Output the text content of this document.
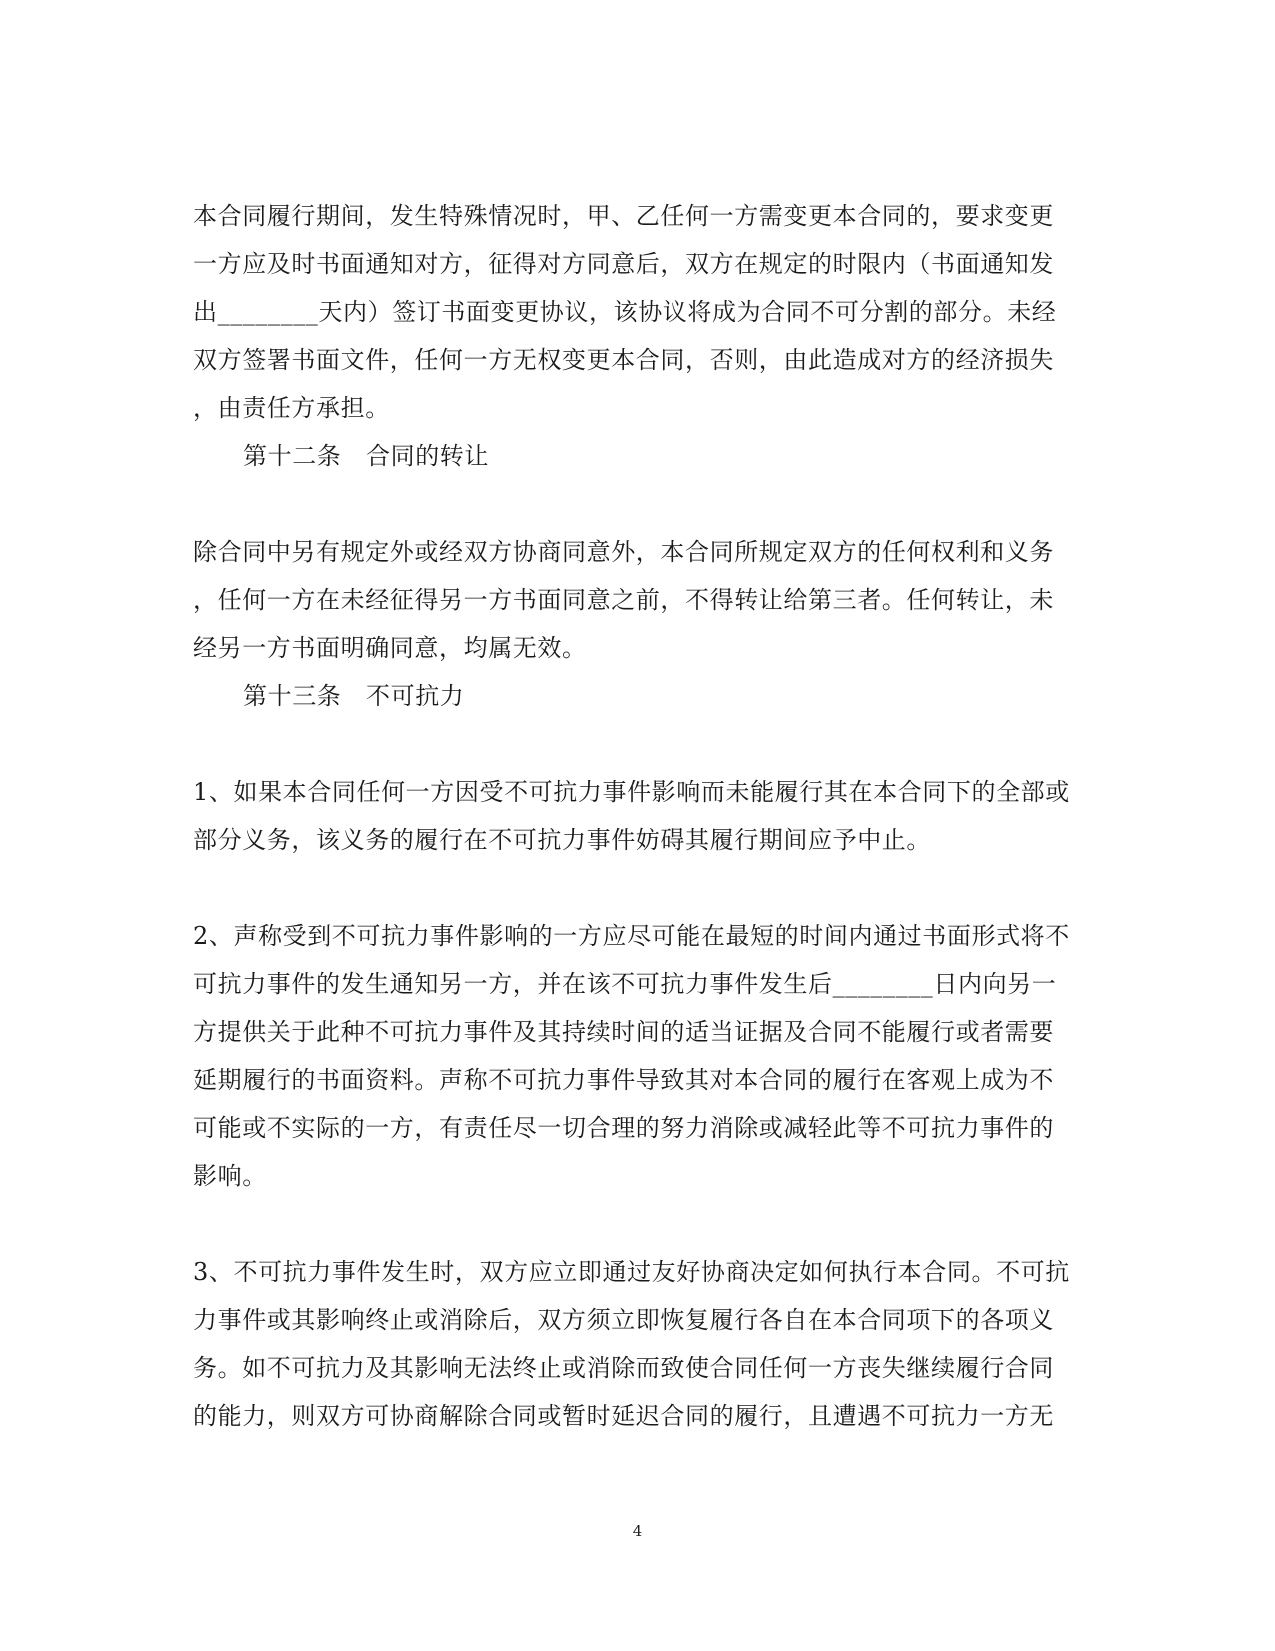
本合同履行期间，发生特殊情况时，甲、乙任何一方需变更本合同的，要求变更
一方应及时书面通知对方，征得对方同意后，双方在规定的时限内（书面通知发
出________天内）签订书面变更协议，该协议将成为合同不可分割的部分。未经
双方签署书面文件，任何一方无权变更本合同，否则，由此造成对方的经济损失
，由责任方承担。
第十二条　合同的转让
除合同中另有规定外或经双方协商同意外，本合同所规定双方的任何权利和义务
，任何一方在未经征得另一方书面同意之前，不得转让给第三者。任何转让，未
经另一方书面明确同意，均属无效。
第十三条　不可抗力
1、如果本合同任何一方因受不可抗力事件影响而未能履行其在本合同下的全部或
部分义务，该义务的履行在不可抗力事件妨碍其履行期间应予中止。
2、声称受到不可抗力事件影响的一方应尽可能在最短的时间内通过书面形式将不
可抗力事件的发生通知另一方，并在该不可抗力事件发生后________日内向另一
方提供关于此种不可抗力事件及其持续时间的适当证据及合同不能履行或者需要
延期履行的书面资料。声称不可抗力事件导致其对本合同的履行在客观上成为不
可能或不实际的一方，有责任尽一切合理的努力消除或减轻此等不可抗力事件的
影响。
3、不可抗力事件发生时，双方应立即通过友好协商决定如何执行本合同。不可抗
力事件或其影响终止或消除后，双方须立即恢复履行各自在本合同项下的各项义
务。如不可抗力及其影响无法终止或消除而致使合同任何一方丧失继续履行合同
的能力，则双方可协商解除合同或暂时延迟合同的履行，且遭遇不可抗力一方无
4
